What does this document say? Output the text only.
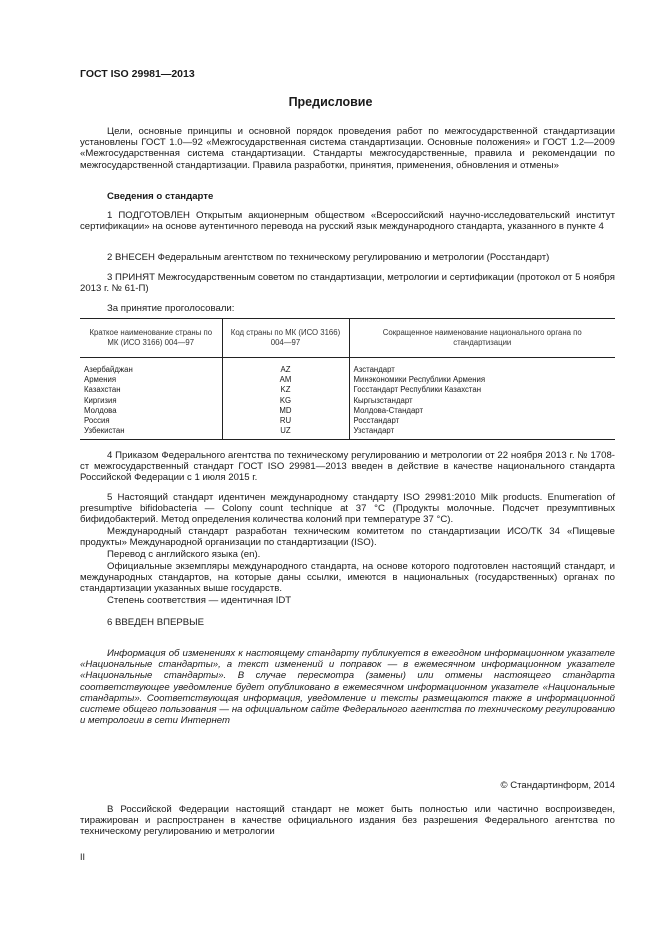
ГОСТ ISO 29981—2013
Предисловие
Цели, основные принципы и основной порядок проведения работ по межгосударственной стандартизации установлены ГОСТ 1.0—92 «Межгосударственная система стандартизации. Основные положения» и ГОСТ 1.2—2009 «Межгосударственная система стандартизации. Стандарты межгосударственные, правила и рекомендации по межгосударственной стандартизации. Правила разработки, принятия, применения, обновления и отмены»
Сведения о стандарте
1 ПОДГОТОВЛЕН Открытым акционерным обществом «Всероссийский научно-исследовательский институт сертификации» на основе аутентичного перевода на русский язык международного стандарта, указанного в пункте 4
2 ВНЕСЕН Федеральным агентством по техническому регулированию и метрологии (Росстандарт)
3 ПРИНЯТ Межгосударственным советом по стандартизации, метрологии и сертификации (протокол от 5 ноября 2013 г. № 61-П)
За принятие проголосовали:
Краткое наименование страны по МК (ИСО 3166) 004—97	Код страны по МК (ИСО 3166) 004—97	Сокращенное наименование национального органа по стандартизации
Азербайджан	AZ	Азстандарт
Армения	AM	Минэкономики Республики Армения
Казахстан	KZ	Госстандарт Республики Казахстан
Киргизия	KG	Кыргызстандарт
Молдова	MD	Молдова-Стандарт
Россия	RU	Росстандарт
Узбекистан	UZ	Узстандарт
4 Приказом Федерального агентства по техническому регулированию и метрологии от 22 ноября 2013 г. № 1708-ст межгосударственный стандарт ГОСТ ISO 29981—2013 введен в действие в качестве национального стандарта Российской Федерации с 1 июля 2015 г.
5 Настоящий стандарт идентичен международному стандарту ISO 29981:2010 Milk products. Enumeration of presumptive bifidobacteria — Colony count technique at 37 °C (Продукты молочные. Подсчет презумптивных бифидобактерий. Метод определения количества колоний при температуре 37 °С).
Международный стандарт разработан техническим комитетом по стандартизации ИСО/ТК 34 «Пищевые продукты» Международной организации по стандартизации (ISO).
Перевод с английского языка (en).
Официальные экземпляры международного стандарта, на основе которого подготовлен настоящий стандарт, и международных стандартов, на которые даны ссылки, имеются в национальных (государственных) органах по стандартизации указанных выше государств.
Степень соответствия — идентичная IDT
6 ВВЕДЕН ВПЕРВЫЕ
Информация об изменениях к настоящему стандарту публикуется в ежегодном информационном указателе «Национальные стандарты», а текст изменений и поправок — в ежемесячном информационном указателе «Национальные стандарты». В случае пересмотра (замены) или отмены настоящего стандарта соответствующее уведомление будет опубликовано в ежемесячном информационном указателе «Национальные стандарты». Соответствующая информация, уведомление и тексты размещаются также в информационной системе общего пользования — на официальном сайте Федерального агентства по техническому регулированию и метрологии в сети Интернет
© Стандартинформ, 2014
В Российской Федерации настоящий стандарт не может быть полностью или частично воспроизведен, тиражирован и распространен в качестве официального издания без разрешения Федерального агентства по техническому регулированию и метрологии
II
